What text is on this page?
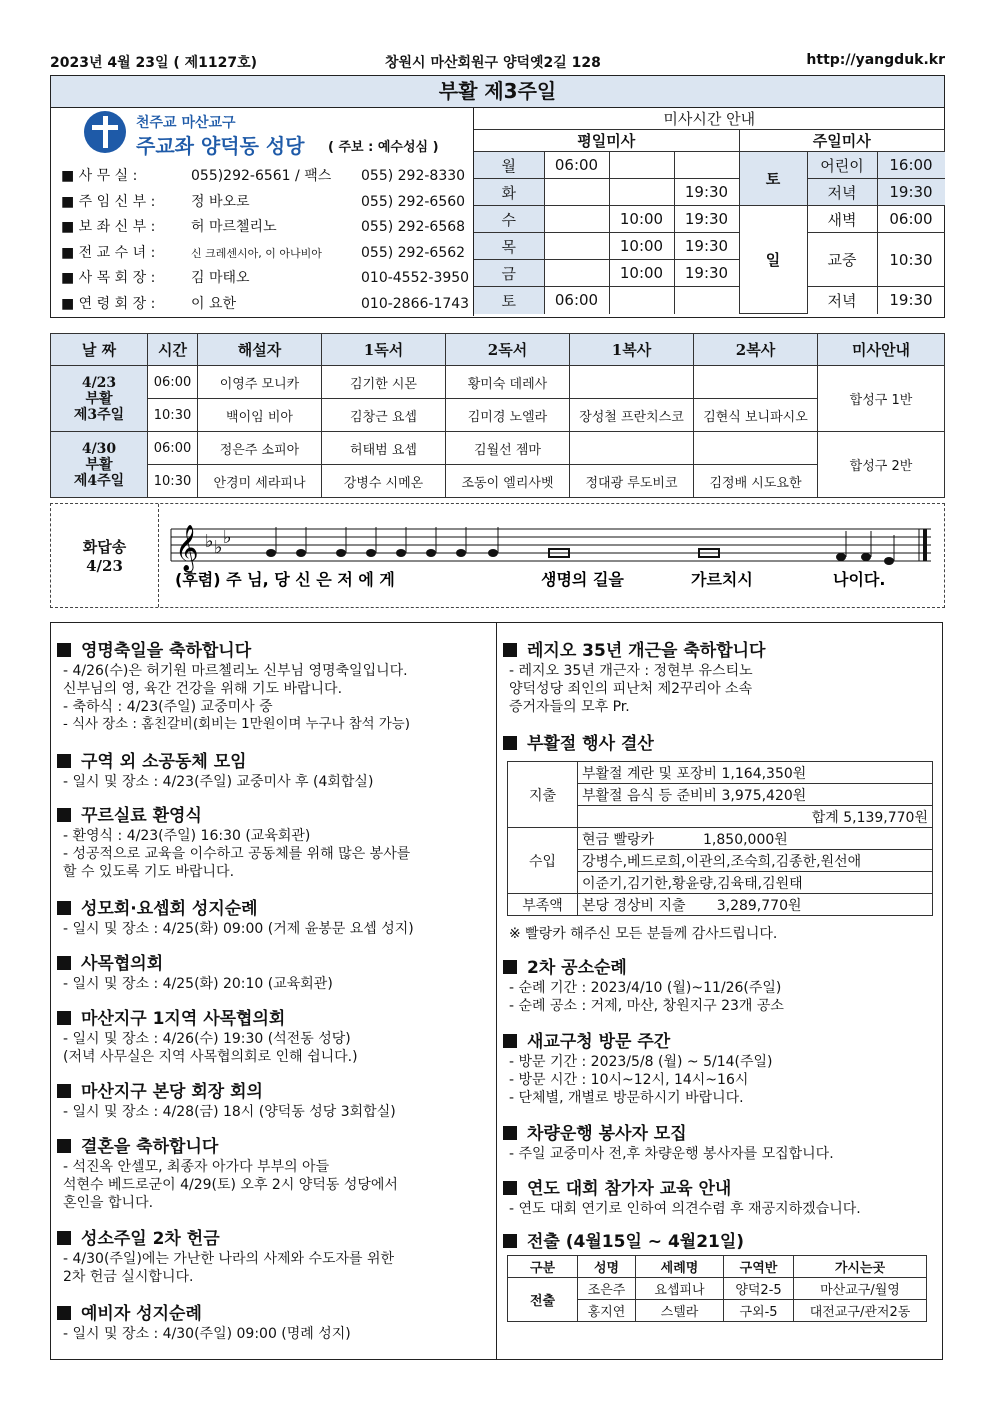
2023년 4월 23일 ( 제1127호)	창원시 마산회원구 양덕옛2길 128	http://yangduk.kr
부활 제3주일
천주교 마산교구
주교좌 양덕동 성당 ( 주보 : 예수성심 )
■ 사 무 실 :	055)292-6561 / 팩스 055) 292-8330
■ 주 임 신 부 :	정 바오로	055) 292-6560
■ 보 좌 신 부 :	허 마르첼리노	055) 292-6568
■ 전 교 수 녀 :	신 크레센시아, 이 아나비아	055) 292-6562
■ 사 목 회 장 :	김 마태오	010-4552-3950
■ 연 령 회 장 :	이 요한	010-2866-1743
미사시간 안내						
평일미사				주일미사		
월	06:00			토	어린이	16:00
화			19:30		저녁	19:30
수		10:00	19:30	일	새벽	06:00
목		10:00	19:30		교중	10:30
금		10:00	19:30			
토	06:00				저녁	19:30
날 짜	시간	해설자	1독서	2독서	1복사	2복사	미사안내

4/23
부활
제3주일	06:00	이영주 모니카	김기한 시몬	황미숙 데레사			합성구 1반
	10:30	백이임 비아	김창근 요셉	김미경 노엘라	장성철 프란치스코	김현식 보니파시오	

4/30
부활
제4주일	06:00	정은주 소피아	허태범 요셉	김월선 젬마			합성구 2반
	10:30	안경미 세라피나	강병수 시메온	조동이 엘리사벳	정대광 루도비코	김정배 시도요한	
화답송
4/23 𝄞 ♭ ♭ ♭
(후렴) 주 님, 당 신 은 저 에 게	생명의 길을	가르치시	나이다.
영명축일을 축하합니다
- 4/26(수)은 허기원 마르첼리노 신부님 영명축일입니다.
신부님의 영, 육간 건강을 위해 기도 바랍니다.
- 축하식 : 4/23(주일) 교중미사 중
- 식사 장소 : 홈친갈비(회비는 1만원이며 누구나 참석 가능)
구역 외 소공동체 모임
- 일시 및 장소 : 4/23(주일) 교중미사 후 (4회합실)
꾸르실료 환영식
- 환영식 : 4/23(주일) 16:30 (교육회관)
- 성공적으로 교육을 이수하고 공동체를 위해 많은 봉사를
할 수 있도록 기도 바랍니다.
성모회·요셉회 성지순례
- 일시 및 장소 : 4/25(화) 09:00 (거제 윤봉문 요셉 성지)
사목협의회
- 일시 및 장소 : 4/25(화) 20:10 (교육회관)
마산지구 1지역 사목협의회
- 일시 및 장소 : 4/26(수) 19:30 (석전동 성당)
(저녁 사무실은 지역 사목협의회로 인해 쉽니다.)
마산지구 본당 회장 회의
- 일시 및 장소 : 4/28(금) 18시 (양덕동 성당 3회합실)
결혼을 축하합니다
- 석진옥 안셀모, 최종자 아가다 부부의 아들
석현수 베드로군이 4/29(토) 오후 2시 양덕동 성당에서
혼인을 합니다.
성소주일 2차 헌금
- 4/30(주일)에는 가난한 나라의 사제와 수도자를 위한
2차 헌금 실시합니다.
예비자 성지순례
- 일시 및 장소 : 4/30(주일) 09:00 (명례 성지)
레지오 35년 개근을 축하합니다
- 레지오 35년 개근자 : 정현부 유스티노
양덕성당 죄인의 피난처 제2꾸리아 소속
증거자들의 모후 Pr.
부활절 행사 결산
지출	부활절 계란 및 포장비 1,164,350원
	부활절 음식 등 준비비 3,975,420원
	합계 5,139,770원
수입	현금 빨랑카           1,850,000원
	강병수,베드로희,이관의,조숙희,김종한,원선애
	이준기,김기한,황윤량,김육태,김원태
부족액	본당 경상비 지출       3,289,770원
※ 빨랑카 해주신 모든 분들께 감사드립니다.
2차 공소순례
- 순례 기간 : 2023/4/10 (월)~11/26(주일)
- 순례 공소 : 거제, 마산, 창원지구 23개 공소
새교구청 방문 주간
- 방문 기간 : 2023/5/8 (월) ~ 5/14(주일)
- 방문 시간 : 10시~12시, 14시~16시
- 단체별, 개별로 방문하시기 바랍니다.
차량운행 봉사자 모집
- 주일 교중미사 전,후 차량운행 봉사자를 모집합니다.
연도 대회 참가자 교육 안내
- 연도 대회 연기로 인하여 의견수렴 후 재공지하겠습니다.
전출 (4월15일 ~ 4월21일)
구분	성명	세례명	구역반	가시는곳
전출	조은주	요셉피나	양덕2-5	마산교구/월영
	홍지연	스텔라	구외-5	대전교구/관저2동
